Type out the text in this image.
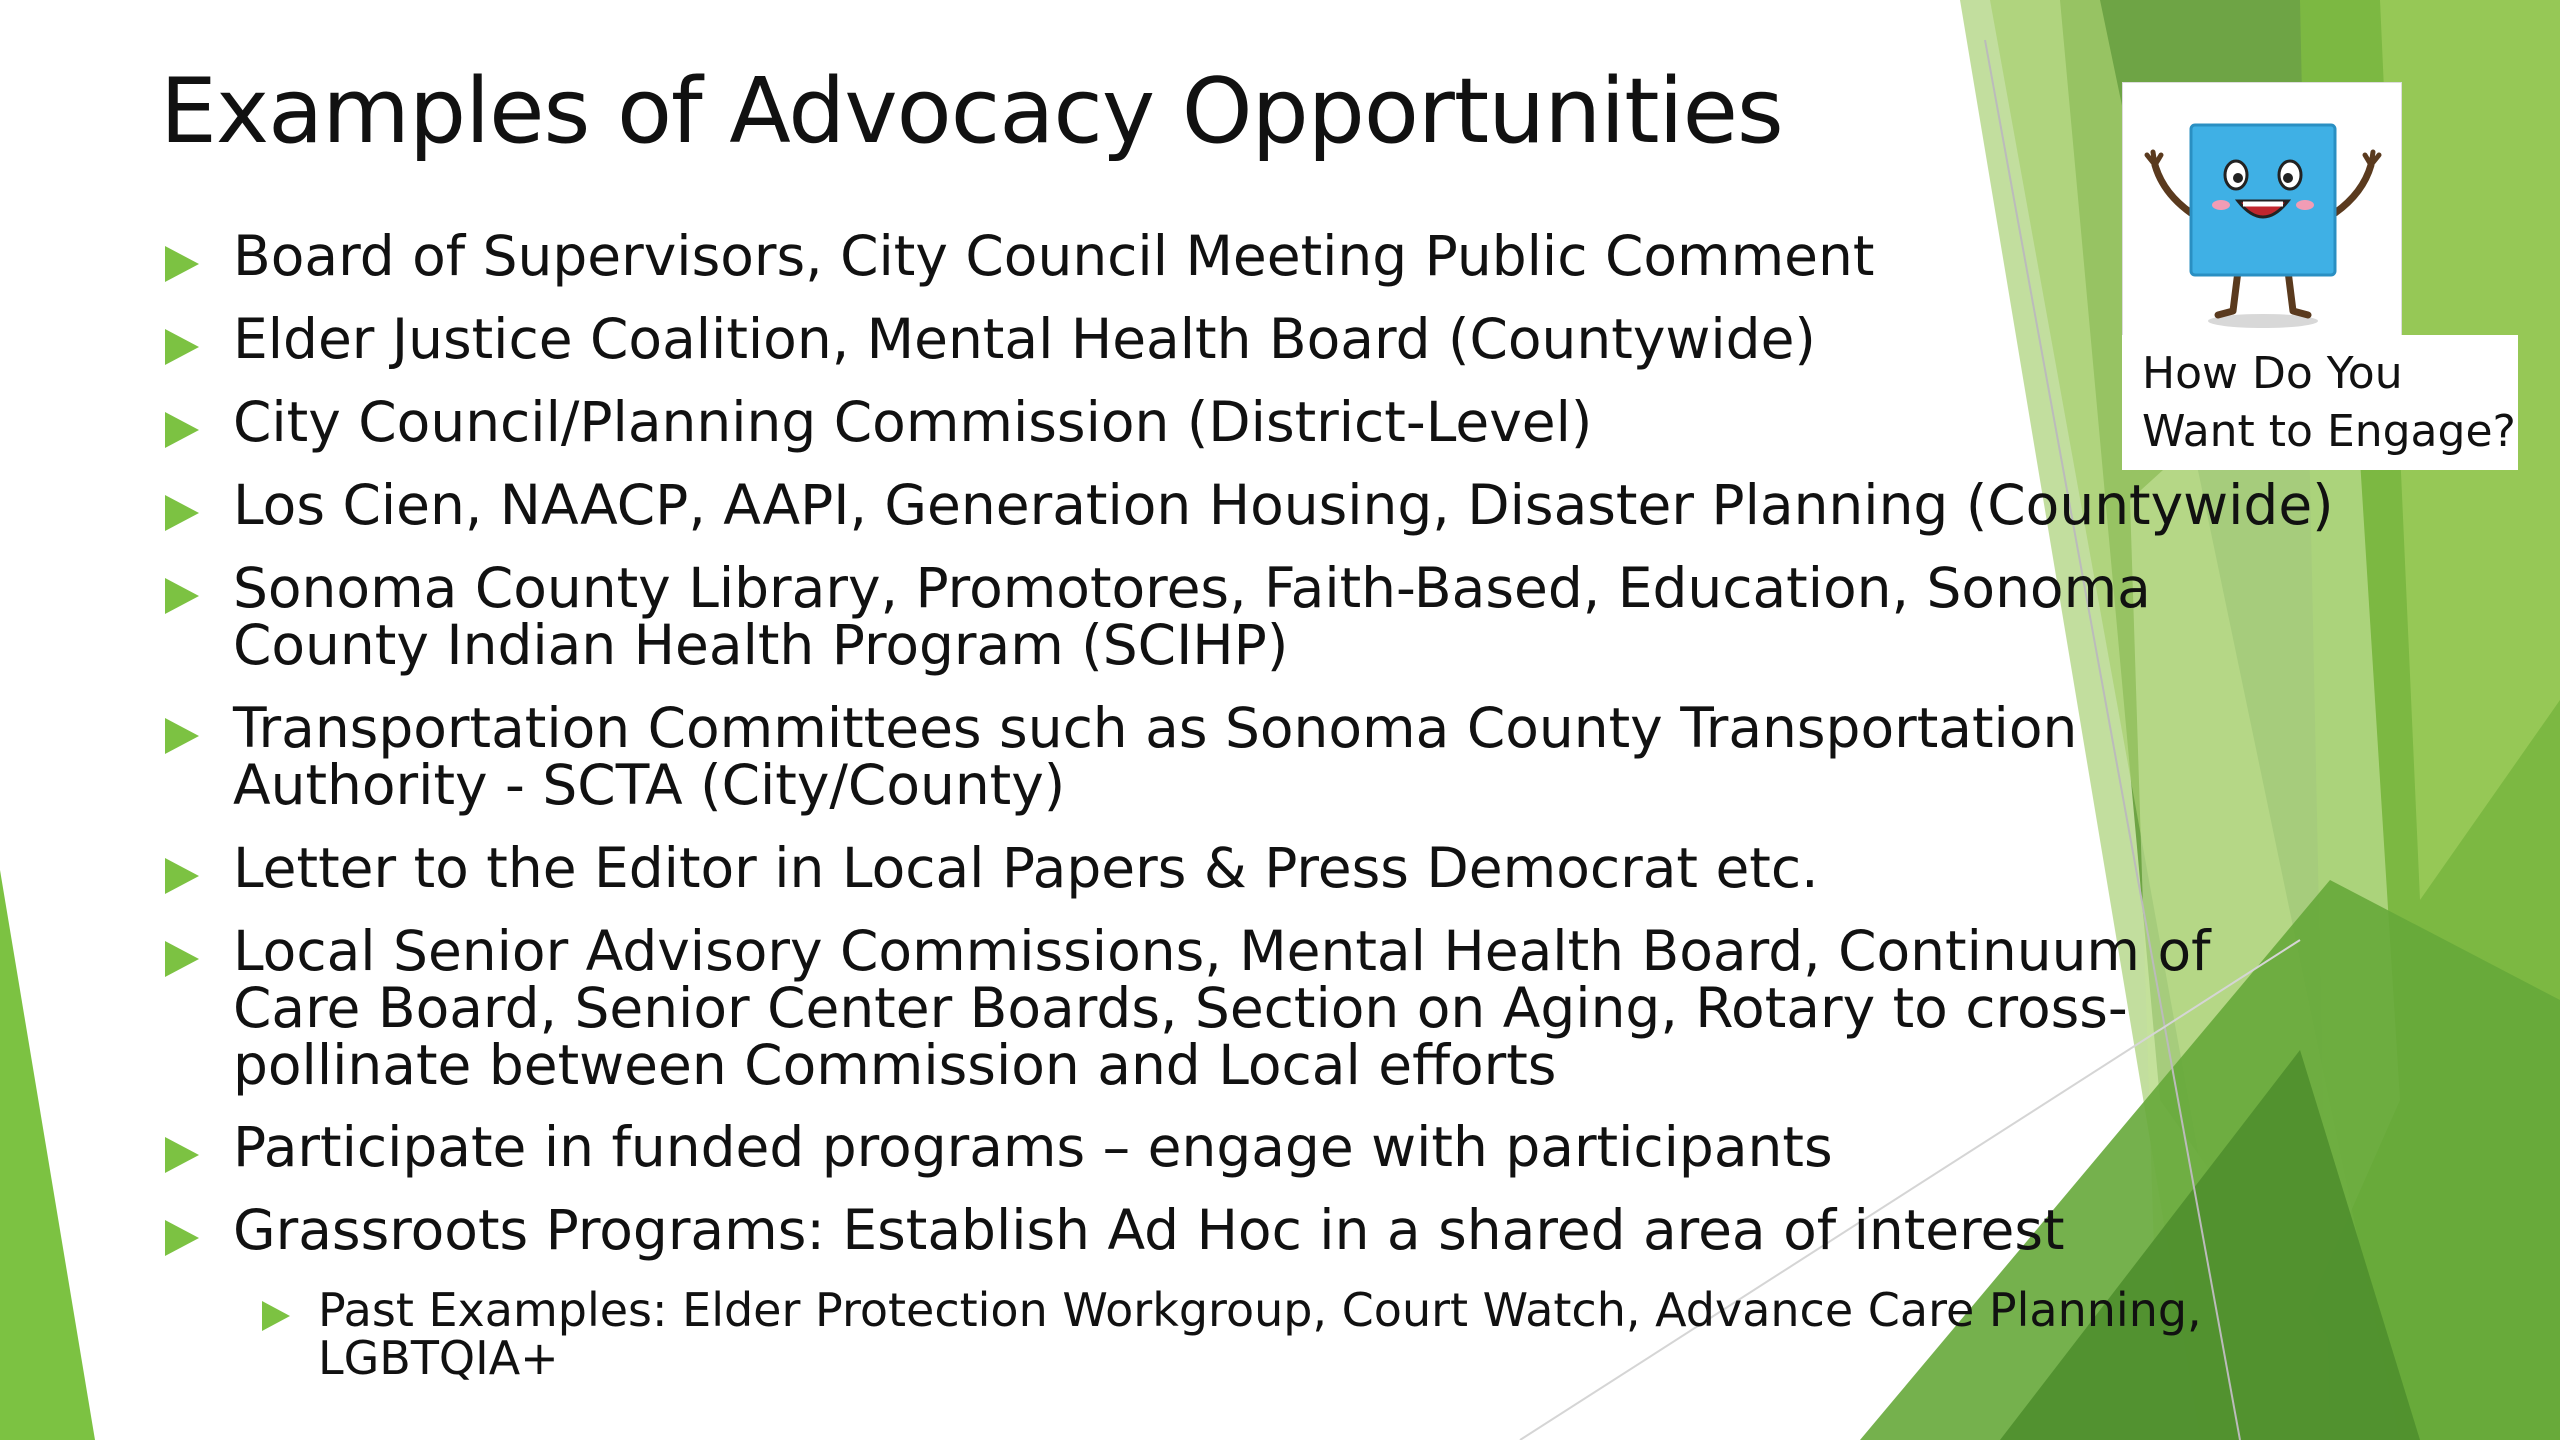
Examples of Advocacy Opportunities
Board of Supervisors, City Council Meeting Public Comment
Elder Justice Coalition, Mental Health Board (Countywide)
City Council/Planning Commission (District-Level)
Los Cien, NAACP, AAPI, Generation Housing, Disaster Planning (Countywide)
Sonoma County Library, Promotores, Faith-Based, Education, Sonoma
County Indian Health Program (SCIHP)
Transportation Committees such as Sonoma County Transportation
Authority - SCTA (City/County)
Letter to the Editor in Local Papers & Press Democrat etc.
Local Senior Advisory Commissions, Mental Health Board, Continuum of
Care Board, Senior Center Boards, Section on Aging, Rotary to cross-
pollinate between Commission and Local efforts
Participate in funded programs – engage with participants
Grassroots Programs: Establish Ad Hoc in a shared area of interest
Past Examples: Elder Protection Workgroup, Court Watch, Advance Care Planning,
LGBTQIA+
How Do You
Want to Engage?
